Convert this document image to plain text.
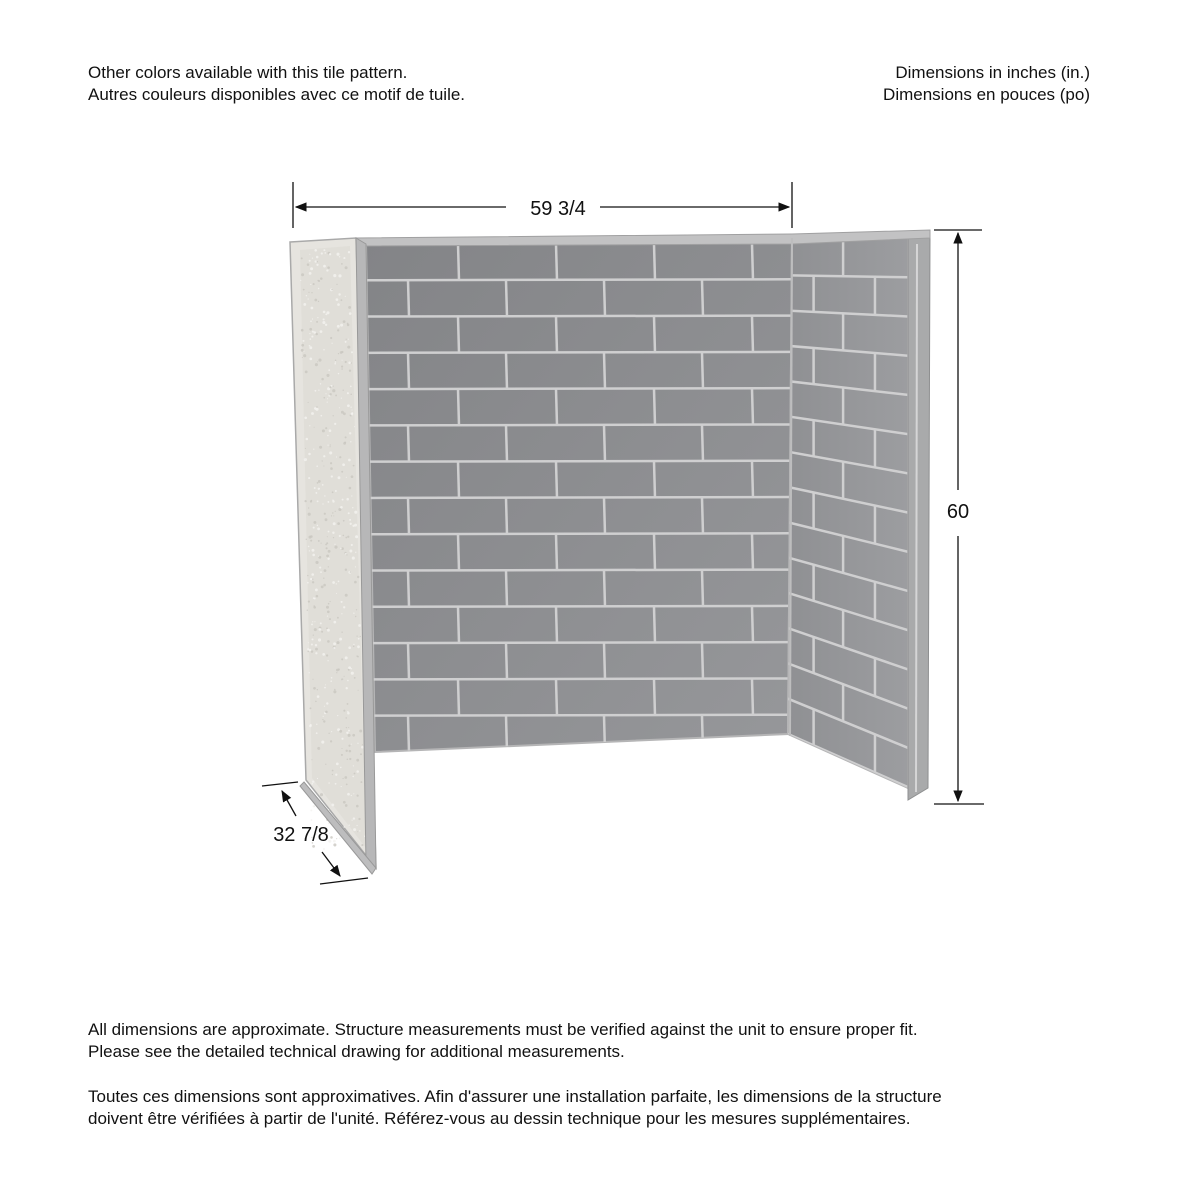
Other colors available with this tile pattern.
Autres couleurs disponibles avec ce motif de tuile.
Dimensions in inches (in.)
Dimensions en pouces (po)
59 3/4
60
32 7/8
All dimensions are approximate. Structure measurements must be verified against the unit to ensure proper fit.
Please see the detailed technical drawing for additional measurements.
Toutes ces dimensions sont approximatives. Afin d'assurer une installation parfaite, les dimensions de la structure
doivent être vérifiées à partir de l'unité. Référez-vous au dessin technique pour les mesures supplémentaires.
